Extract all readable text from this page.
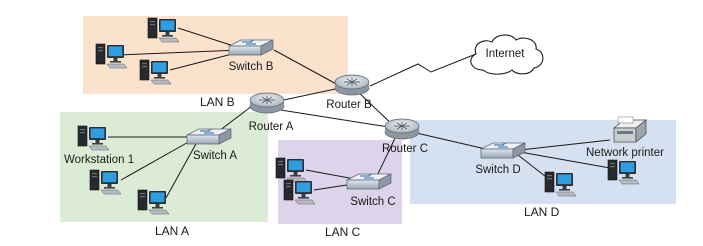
Internet
Router B
Router A
Router C
Switch B
Switch A
Switch C
Switch D
Workstation 1
Network printer
LAN B
LAN A	LAN C
LAN D
